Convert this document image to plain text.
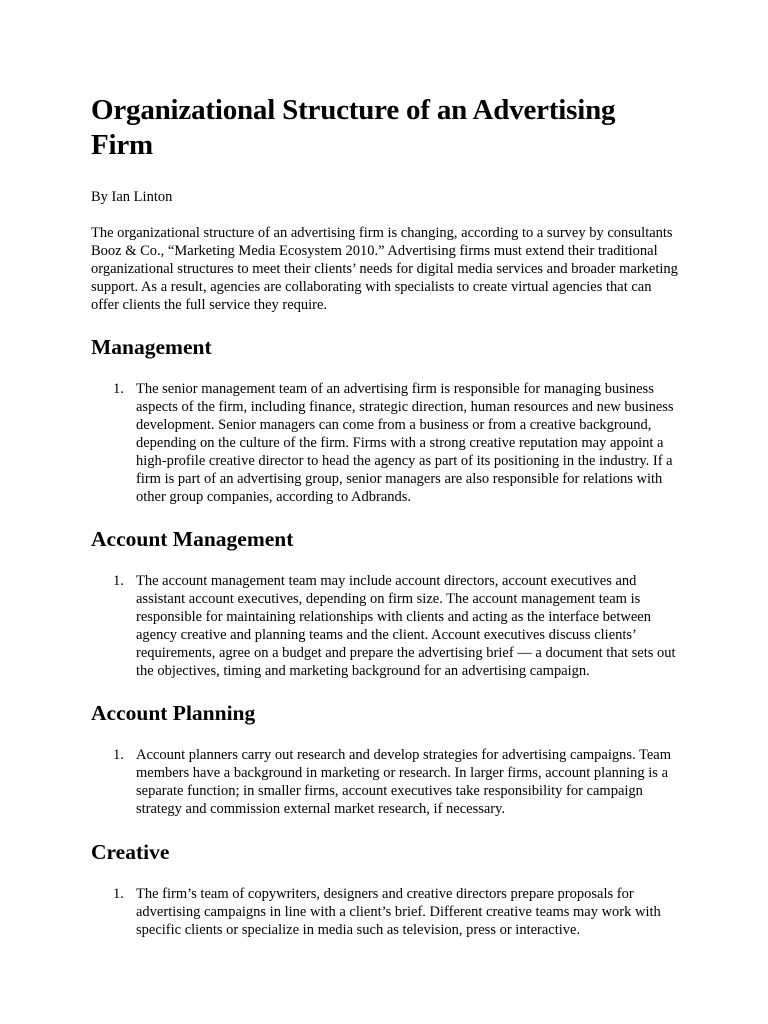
Organizational Structure of an Advertising Firm

By Ian Linton

The organizational structure of an advertising firm is changing, according to a survey by consultants Booz & Co., “Marketing Media Ecosystem 2010.” Advertising firms must extend their traditional organizational structures to meet their clients’ needs for digital media services and broader marketing support. As a result, agencies are collaborating with specialists to create virtual agencies that can offer clients the full service they require.

Management
1. The senior management team of an advertising firm is responsible for managing business aspects of the firm, including finance, strategic direction, human resources and new business development. Senior managers can come from a business or from a creative background, depending on the culture of the firm. Firms with a strong creative reputation may appoint a high-profile creative director to head the agency as part of its positioning in the industry. If a firm is part of an advertising group, senior managers are also responsible for relations with other group companies, according to Adbrands.
Account Management
1. The account management team may include account directors, account executives and assistant account executives, depending on firm size. The account management team is responsible for maintaining relationships with clients and acting as the interface between agency creative and planning teams and the client. Account executives discuss clients’ requirements, agree on a budget and prepare the advertising brief — a document that sets out the objectives, timing and marketing background for an advertising campaign.
Account Planning
1. Account planners carry out research and develop strategies for advertising campaigns. Team members have a background in marketing or research. In larger firms, account planning is a separate function; in smaller firms, account executives take responsibility for campaign strategy and commission external market research, if necessary.
Creative
1. The firm’s team of copywriters, designers and creative directors prepare proposals for advertising campaigns in line with a client’s brief. Different creative teams may work with specific clients or specialize in media such as television, press or interactive.
